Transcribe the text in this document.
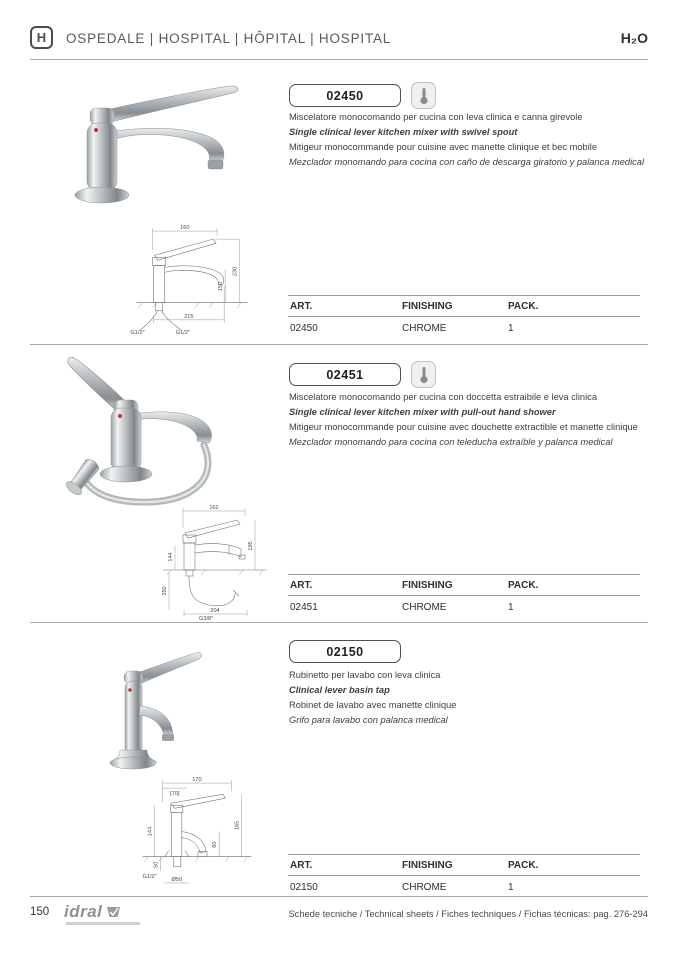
H OSPEDALE | HOSPITAL | HÔPITAL | HOSPITAL	H₂O
02450

Miscelatore monocomando per cucina con leva clinica e canna girevole

Single clinical lever kitchen mixer with swivel spout

Mitigeur monocommande pour cuisine avec manette clinique et bec mobile

Mezclador monomando para cocina con caño de descarga giratorio y palanca medical

160
150
230
215
G1/2"	G1/2"
ART.	FINISHING	PACK.
02450	CHROME	1
02451

Miscelatore monocomando per cucina con doccetta estraibile e leva clinica

Single clinical lever kitchen mixer with pull-out hand shower

Mitigeur monocommande pour cuisine avec douchette extractible et manette clinique

Mezclador monomando para cocina con teleducha extraíble y palanca medical

162
144
195
350
204
G3/8"
ART.	FINISHING	PACK.
02451	CHROME	1
02150

Rubinetto per lavabo con leva clinica

Clinical lever basin tap

Robinet de lavabo avec manette clinique

Grifo para lavabo con palanca medical

170
[70]
144
165
60
50
G1/2"
Ø50
ART.	FINISHING	PACK.
02150	CHROME	1
150 idral	Schede tecniche / Technical sheets / Fiches techniques / Fichas técnicas: pag. 276-294
